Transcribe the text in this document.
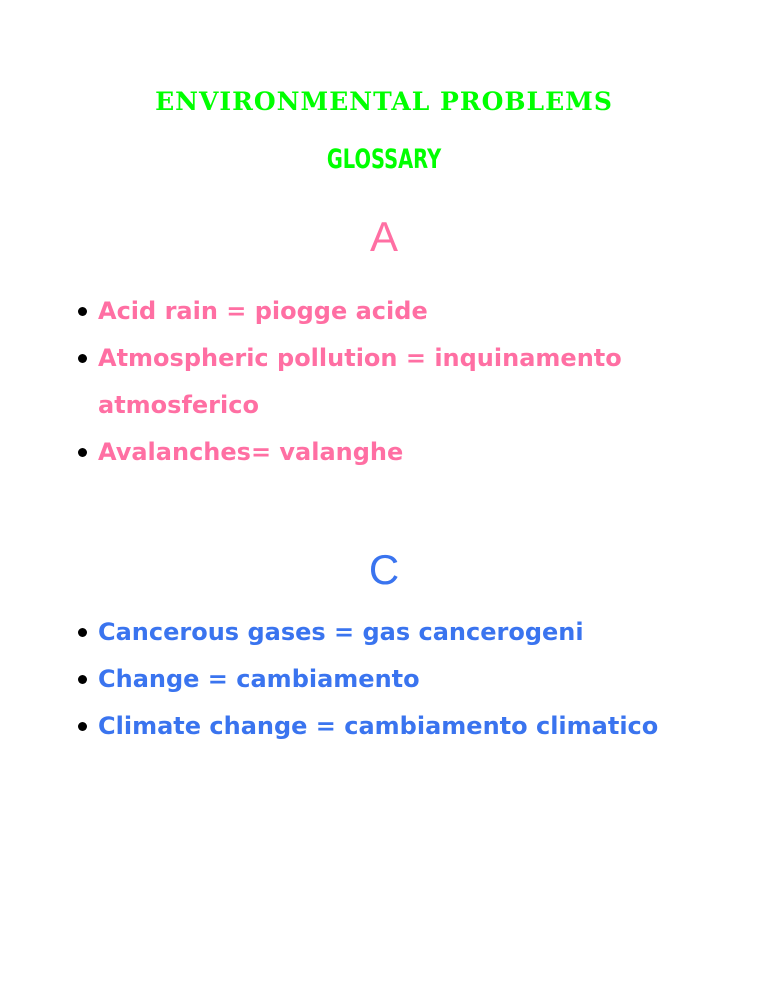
ENVIRONMENTAL PROBLEMS
GLOSSARY
A
Acid rain = piogge acide
Atmospheric pollution = inquinamento atmosferico
Avalanches= valanghe
C
Cancerous gases = gas cancerogeni
Change = cambiamento
Climate change = cambiamento climatico
